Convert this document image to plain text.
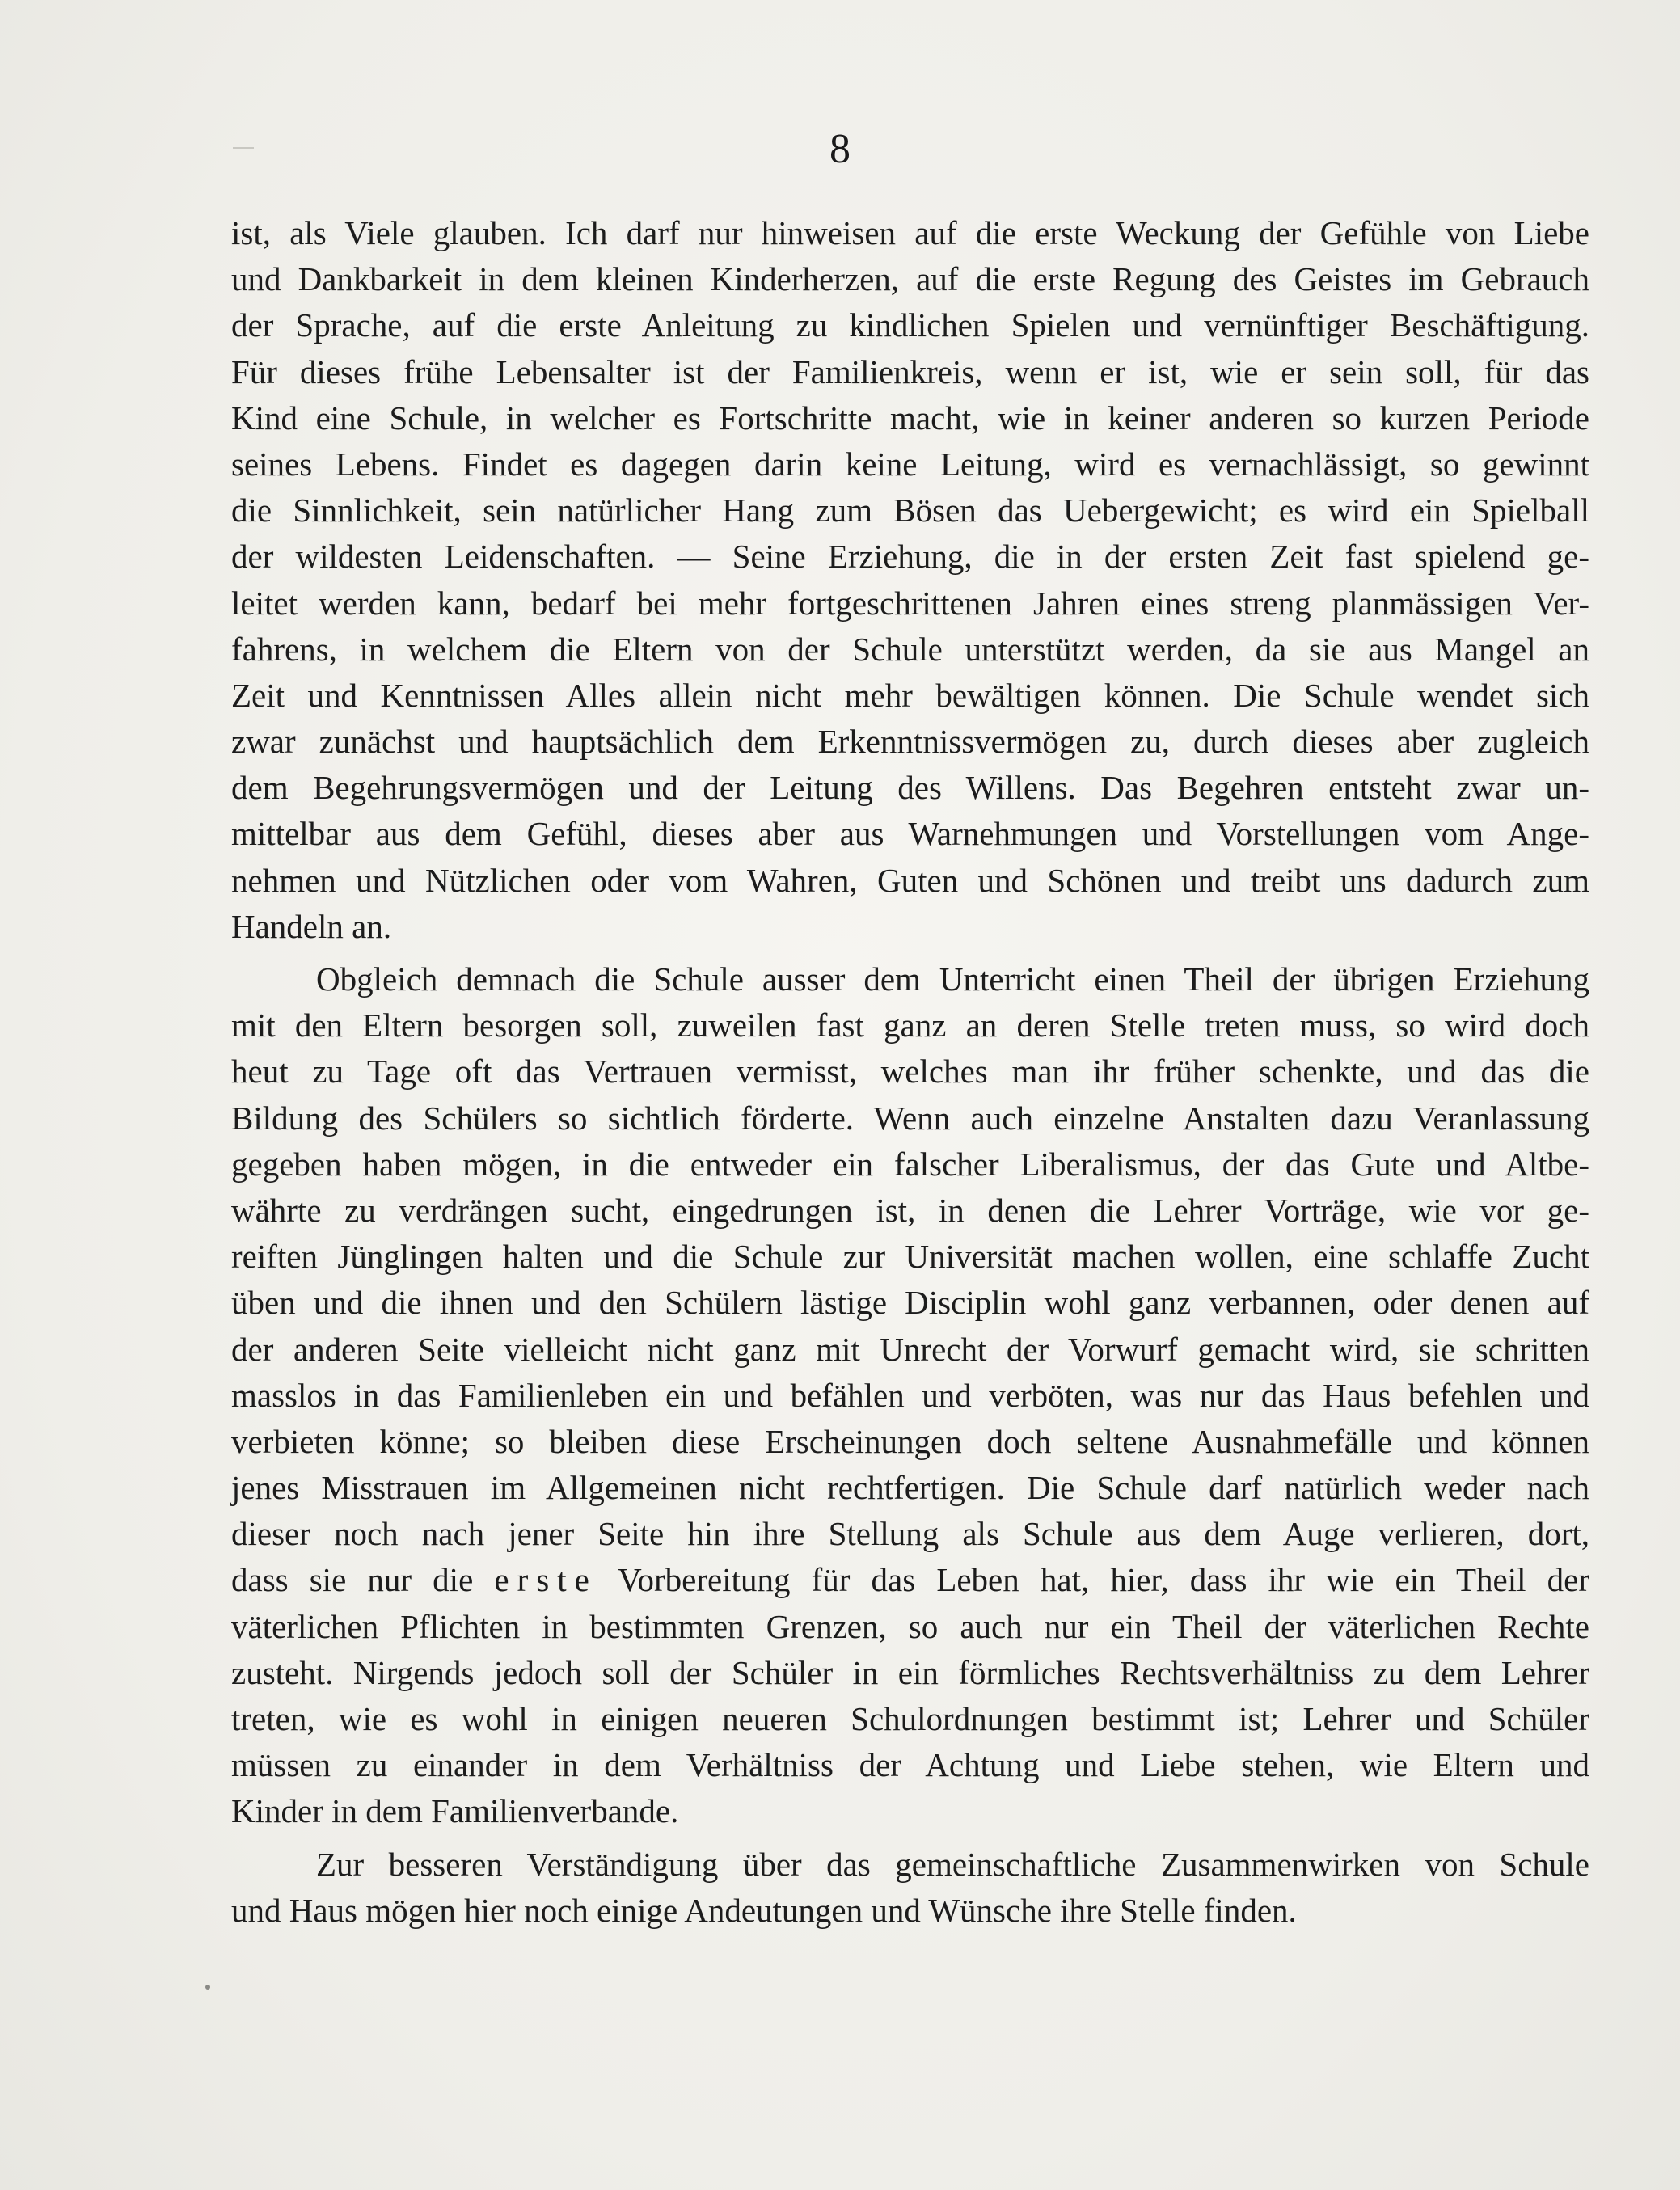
8
ist, als Viele glauben. Ich darf nur hinweisen auf die erste Weckung der Gefühle von Liebe
und Dankbarkeit in dem kleinen Kinderherzen, auf die erste Regung des Geistes im Gebrauch
der Sprache, auf die erste Anleitung zu kindlichen Spielen und vernünftiger Beschäftigung.
Für dieses frühe Lebensalter ist der Familienkreis, wenn er ist, wie er sein soll, für das
Kind eine Schule, in welcher es Fortschritte macht, wie in keiner anderen so kurzen Periode
seines Lebens. Findet es dagegen darin keine Leitung, wird es vernachlässigt, so gewinnt
die Sinnlichkeit, sein natürlicher Hang zum Bösen das Uebergewicht; es wird ein Spielball
der wildesten Leidenschaften. — Seine Erziehung, die in der ersten Zeit fast spielend ge-
leitet werden kann, bedarf bei mehr fortgeschrittenen Jahren eines streng planmässigen Ver-
fahrens, in welchem die Eltern von der Schule unterstützt werden, da sie aus Mangel an
Zeit und Kenntnissen Alles allein nicht mehr bewältigen können. Die Schule wendet sich
zwar zunächst und hauptsächlich dem Erkenntnissvermögen zu, durch dieses aber zugleich
dem Begehrungsvermögen und der Leitung des Willens. Das Begehren entsteht zwar un-
mittelbar aus dem Gefühl, dieses aber aus Warnehmungen und Vorstellungen vom Ange-
nehmen und Nützlichen oder vom Wahren, Guten und Schönen und treibt uns dadurch zum
Handeln an.
Obgleich demnach die Schule ausser dem Unterricht einen Theil der übrigen Erziehung
mit den Eltern besorgen soll, zuweilen fast ganz an deren Stelle treten muss, so wird doch
heut zu Tage oft das Vertrauen vermisst, welches man ihr früher schenkte, und das die
Bildung des Schülers so sichtlich förderte. Wenn auch einzelne Anstalten dazu Veranlassung
gegeben haben mögen, in die entweder ein falscher Liberalismus, der das Gute und Altbe-
währte zu verdrängen sucht, eingedrungen ist, in denen die Lehrer Vorträge, wie vor ge-
reiften Jünglingen halten und die Schule zur Universität machen wollen, eine schlaffe Zucht
üben und die ihnen und den Schülern lästige Disciplin wohl ganz verbannen, oder denen auf
der anderen Seite vielleicht nicht ganz mit Unrecht der Vorwurf gemacht wird, sie schritten
masslos in das Familienleben ein und befählen und verböten, was nur das Haus befehlen und
verbieten könne; so bleiben diese Erscheinungen doch seltene Ausnahmefälle und können
jenes Misstrauen im Allgemeinen nicht rechtfertigen. Die Schule darf natürlich weder nach
dieser noch nach jener Seite hin ihre Stellung als Schule aus dem Auge verlieren, dort,
dass sie nur die erste Vorbereitung für das Leben hat, hier, dass ihr wie ein Theil der
väterlichen Pflichten in bestimmten Grenzen, so auch nur ein Theil der väterlichen Rechte
zusteht. Nirgends jedoch soll der Schüler in ein förmliches Rechtsverhältniss zu dem Lehrer
treten, wie es wohl in einigen neueren Schulordnungen bestimmt ist; Lehrer und Schüler
müssen zu einander in dem Verhältniss der Achtung und Liebe stehen, wie Eltern und
Kinder in dem Familienverbande.
Zur besseren Verständigung über das gemeinschaftliche Zusammenwirken von Schule
und Haus mögen hier noch einige Andeutungen und Wünsche ihre Stelle finden.
